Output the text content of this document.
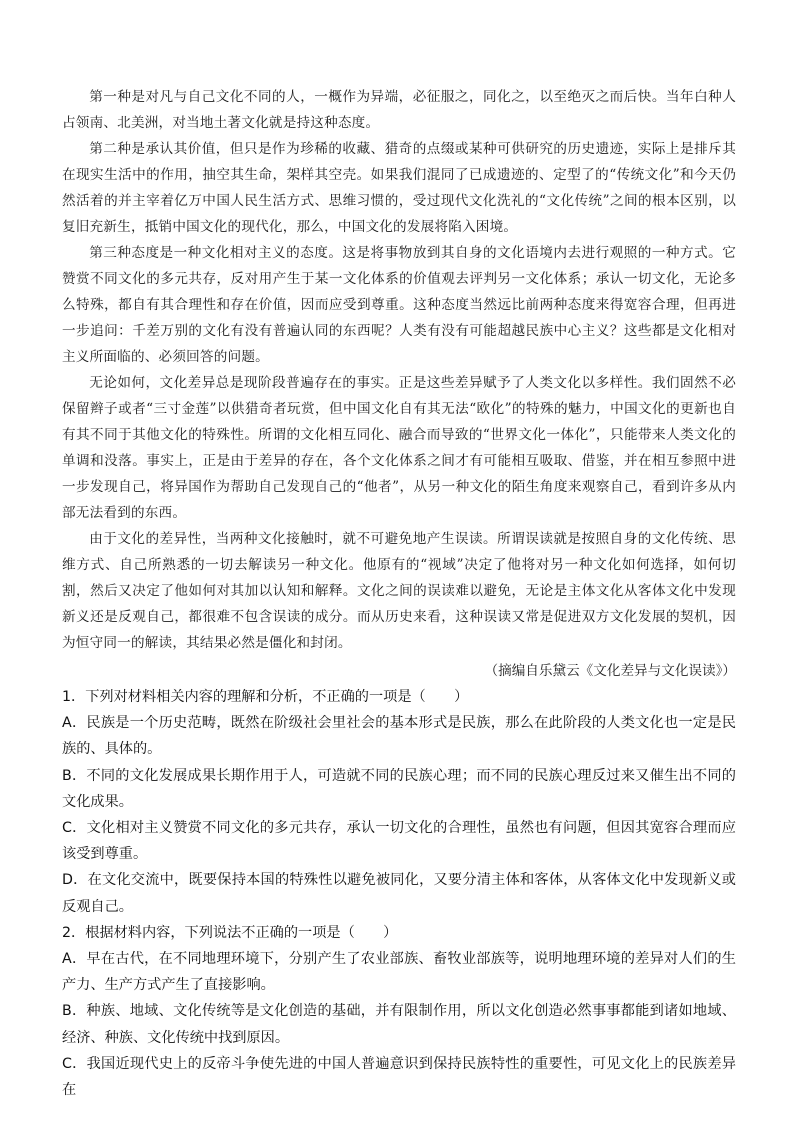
第一种是对凡与自己文化不同的人，一概作为异端，必征服之，同化之，以至绝灭之而后快。当年白种人占领南、北美洲，对当地土著文化就是持这种态度。

第二种是承认其价值，但只是作为珍稀的收藏、猎奇的点缀或某种可供研究的历史遗迹，实际上是排斥其在现实生活中的作用，抽空其生命，架样其空壳。如果我们混同了已成遗迹的、定型了的“传统文化”和今天仍然活着的并主宰着亿万中国人民生活方式、思维习惯的，受过现代文化洗礼的“文化传统”之间的根本区别，以复旧充新生，抵销中国文化的现代化，那么，中国文化的发展将陷入困境。

第三种态度是一种文化相对主义的态度。这是将事物放到其自身的文化语境内去进行观照的一种方式。它赞赏不同文化的多元共存，反对用产生于某一文化体系的价值观去评判另一文化体系；承认一切文化，无论多么特殊，都自有其合理性和存在价值，因而应受到尊重。这种态度当然远比前两种态度来得宽容合理，但再进一步追问：千差万别的文化有没有普遍认同的东西呢？人类有没有可能超越民族中心主义？这些都是文化相对主义所面临的、必须回答的问题。

无论如何，文化差异总是现阶段普遍存在的事实。正是这些差异赋予了人类文化以多样性。我们固然不必保留辫子或者“三寸金莲”以供猎奇者玩赏，但中国文化自有其无法“欧化”的特殊的魅力，中国文化的更新也自有其不同于其他文化的特殊性。所谓的文化相互同化、融合而导致的“世界文化一体化”，只能带来人类文化的单调和没落。事实上，正是由于差异的存在，各个文化体系之间才有可能相互吸取、借鉴，并在相互参照中进一步发现自己，将异国作为帮助自己发现自己的“他者”，从另一种文化的陌生角度来观察自己，看到许多从内部无法看到的东西。

由于文化的差异性，当两种文化接触时，就不可避免地产生误读。所谓误读就是按照自身的文化传统、思维方式、自己所熟悉的一切去解读另一种文化。他原有的“视域”决定了他将对另一种文化如何选择，如何切割，然后又决定了他如何对其加以认知和解释。文化之间的误读难以避免，无论是主体文化从客体文化中发现新义还是反观自己，都很难不包含误读的成分。而从历史来看，这种误读又常是促进双方文化发展的契机，因为恒守同一的解读，其结果必然是僵化和封闭。

（摘编自乐黛云《文化差异与文化误读》）

1．下列对材料相关内容的理解和分析，不正确的一项是（　　）

A．民族是一个历史范畴，既然在阶级社会里社会的基本形式是民族，那么在此阶段的人类文化也一定是民族的、具体的。

B．不同的文化发展成果长期作用于人，可造就不同的民族心理；而不同的民族心理反过来又催生出不同的文化成果。

C．文化相对主义赞赏不同文化的多元共存，承认一切文化的合理性，虽然也有问题，但因其宽容合理而应该受到尊重。

D．在文化交流中，既要保持本国的特殊性以避免被同化，又要分清主体和客体，从客体文化中发现新义或反观自己。

2．根据材料内容，下列说法不正确的一项是（　　）

A．早在古代，在不同地理环境下，分别产生了农业部族、畜牧业部族等，说明地理环境的差异对人们的生产力、生产方式产生了直接影响。

B．种族、地域、文化传统等是文化创造的基础，并有限制作用，所以文化创造必然事事都能到诸如地域、经济、种族、文化传统中找到原因。

C．我国近现代史上的反帝斗争使先进的中国人普遍意识到保持民族特性的重要性，可见文化上的民族差异在
